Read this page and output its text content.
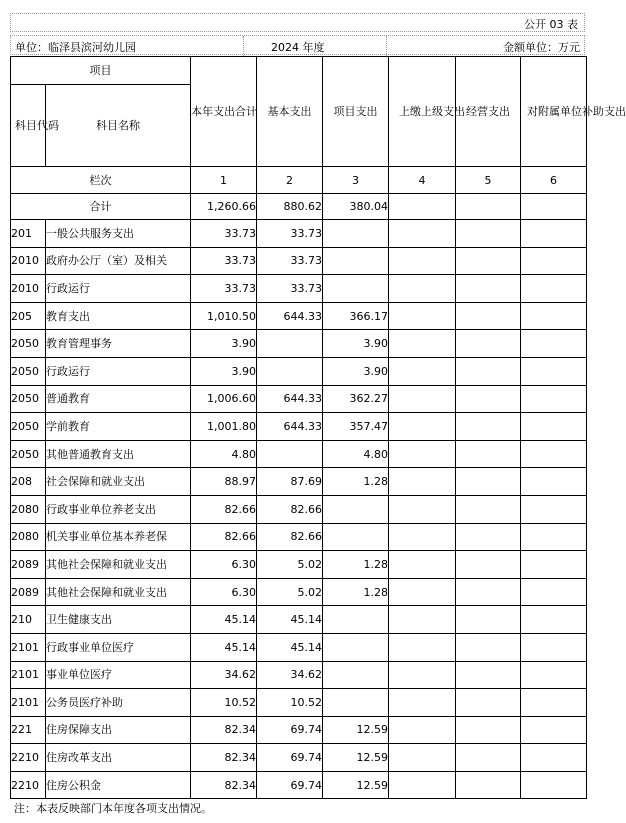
公开 03 表
单位：临泽县滨河幼儿园	2024 年度	金额单位：万元
项目		本年支出合计	基本支出	项目支出	上缴上级支出	经营支出	对附属单位补助支出
科目代码	科目名称						
栏次		1	2	3	4	5	6
合计		1,260.66	880.62	380.04			
201	一般公共服务支出	33.73	33.73				
2010	政府办公厅（室）及相关	33.73	33.73				
2010	行政运行	33.73	33.73				
205	教育支出	1,010.50	644.33	366.17			
2050	教育管理事务	3.90		3.90			
2050	行政运行	3.90		3.90			
2050	普通教育	1,006.60	644.33	362.27			
2050	学前教育	1,001.80	644.33	357.47			
2050	其他普通教育支出	4.80		4.80			
208	社会保障和就业支出	88.97	87.69	1.28			
2080	行政事业单位养老支出	82.66	82.66				
2080	机关事业单位基本养老保	82.66	82.66				
2089	其他社会保障和就业支出	6.30	5.02	1.28			
2089	其他社会保障和就业支出	6.30	5.02	1.28			
210	卫生健康支出	45.14	45.14				
2101	行政事业单位医疗	45.14	45.14				
2101	事业单位医疗	34.62	34.62				
2101	公务员医疗补助	10.52	10.52				
221	住房保障支出	82.34	69.74	12.59			
2210	住房改革支出	82.34	69.74	12.59			
2210	住房公积金	82.34	69.74	12.59			
注：本表反映部门本年度各项支出情况。
